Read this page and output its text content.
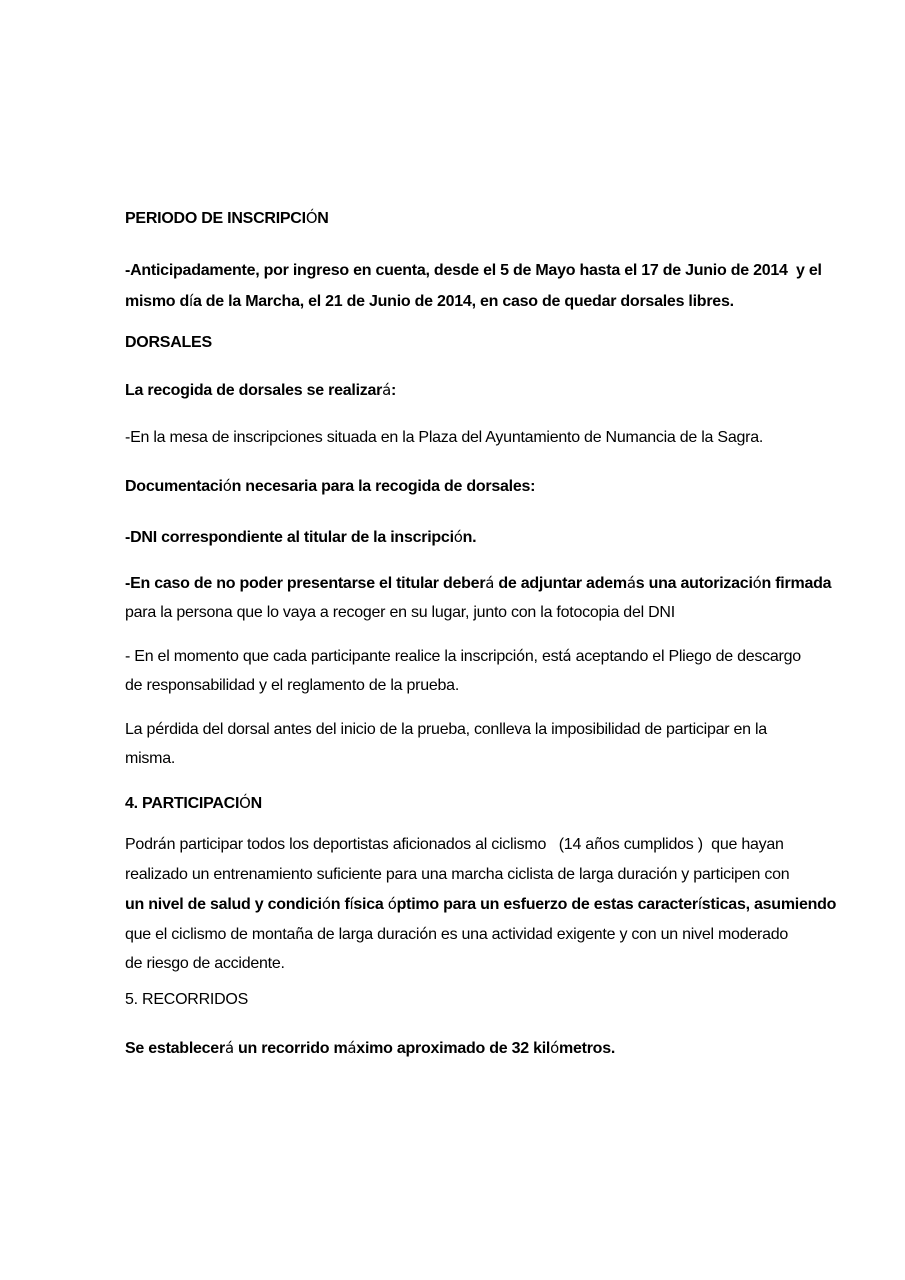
PERIODO DE INSCRIPCIÓN
-Anticipadamente, por ingreso en cuenta, desde el 5 de Mayo hasta el 17 de Junio de 2014  y el
mismo día de la Marcha, el 21 de Junio de 2014, en caso de quedar dorsales libres.
DORSALES
La recogida de dorsales se realizará:
-En la mesa de inscripciones situada en la Plaza del Ayuntamiento de Numancia de la Sagra.
Documentación necesaria para la recogida de dorsales:
-DNI correspondiente al titular de la inscripción.
-En caso de no poder presentarse el titular deberá de adjuntar además una autorización firmada
para la persona que lo vaya a recoger en su lugar, junto con la fotocopia del DNI
- En el momento que cada participante realice la inscripción, está aceptando el Pliego de descargo
de responsabilidad y el reglamento de la prueba.
La pérdida del dorsal antes del inicio de la prueba, conlleva la imposibilidad de participar en la
misma.
4. PARTICIPACIÓN
Podrán participar todos los deportistas aficionados al ciclismo   (14 años cumplidos )  que hayan
realizado un entrenamiento suficiente para una marcha ciclista de larga duración y participen con
un nivel de salud y condición física óptimo para un esfuerzo de estas características, asumiendo
que el ciclismo de montaña de larga duración es una actividad exigente y con un nivel moderado
de riesgo de accidente.
5. RECORRIDOS
Se establecerá un recorrido máximo aproximado de 32 kilómetros.
